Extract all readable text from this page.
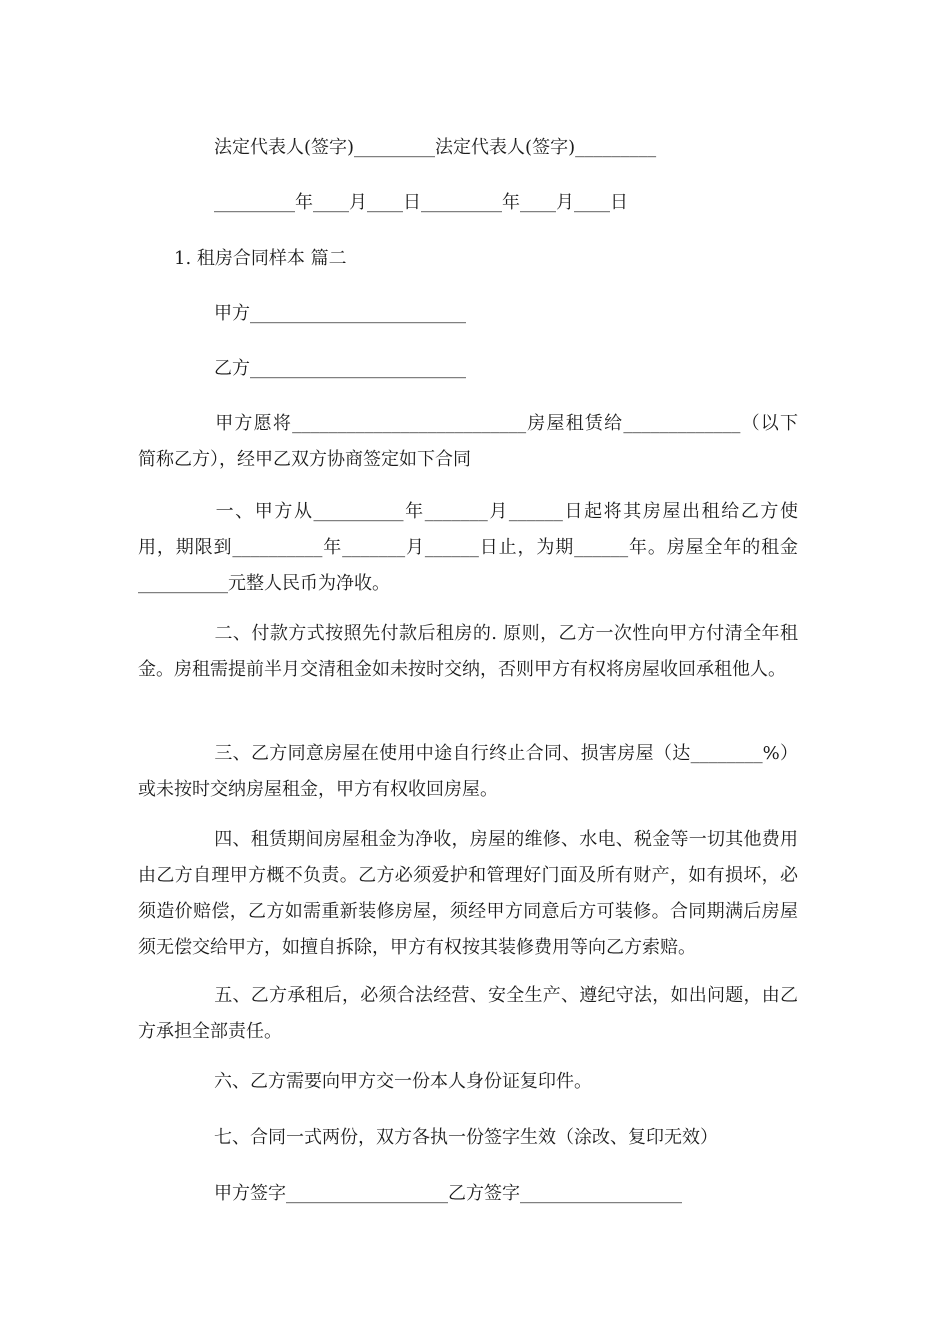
法定代表人(签字)_________法定代表人(签字)_________
_________年____月____日_________年____月____日
1. 租房合同样本 篇二
甲方________________________
乙方________________________
甲方愿将__________________________房屋租赁给_____________（以下简称乙方），经甲乙双方协商签定如下合同
一、甲方从__________年_______月______日起将其房屋出租给乙方使用，期限到__________年_______月______日止，为期______年。房屋全年的租金__________元整人民币为净收。
二、付款方式按照先付款后租房的. 原则，乙方一次性向甲方付清全年租金。房租需提前半月交清租金如未按时交纳，否则甲方有权将房屋收回承租他人。
三、乙方同意房屋在使用中途自行终止合同、损害房屋（达________%）或未按时交纳房屋租金，甲方有权收回房屋。
四、租赁期间房屋租金为净收，房屋的维修、水电、税金等一切其他费用由乙方自理甲方概不负责。乙方必须爱护和管理好门面及所有财产，如有损坏，必须造价赔偿，乙方如需重新装修房屋，须经甲方同意后方可装修。合同期满后房屋须无偿交给甲方，如擅自拆除，甲方有权按其装修费用等向乙方索赔。
五、乙方承租后，必须合法经营、安全生产、遵纪守法，如出问题，由乙方承担全部责任。
六、乙方需要向甲方交一份本人身份证复印件。
七、合同一式两份，双方各执一份签字生效（涂改、复印无效）
甲方签字__________________乙方签字__________________
